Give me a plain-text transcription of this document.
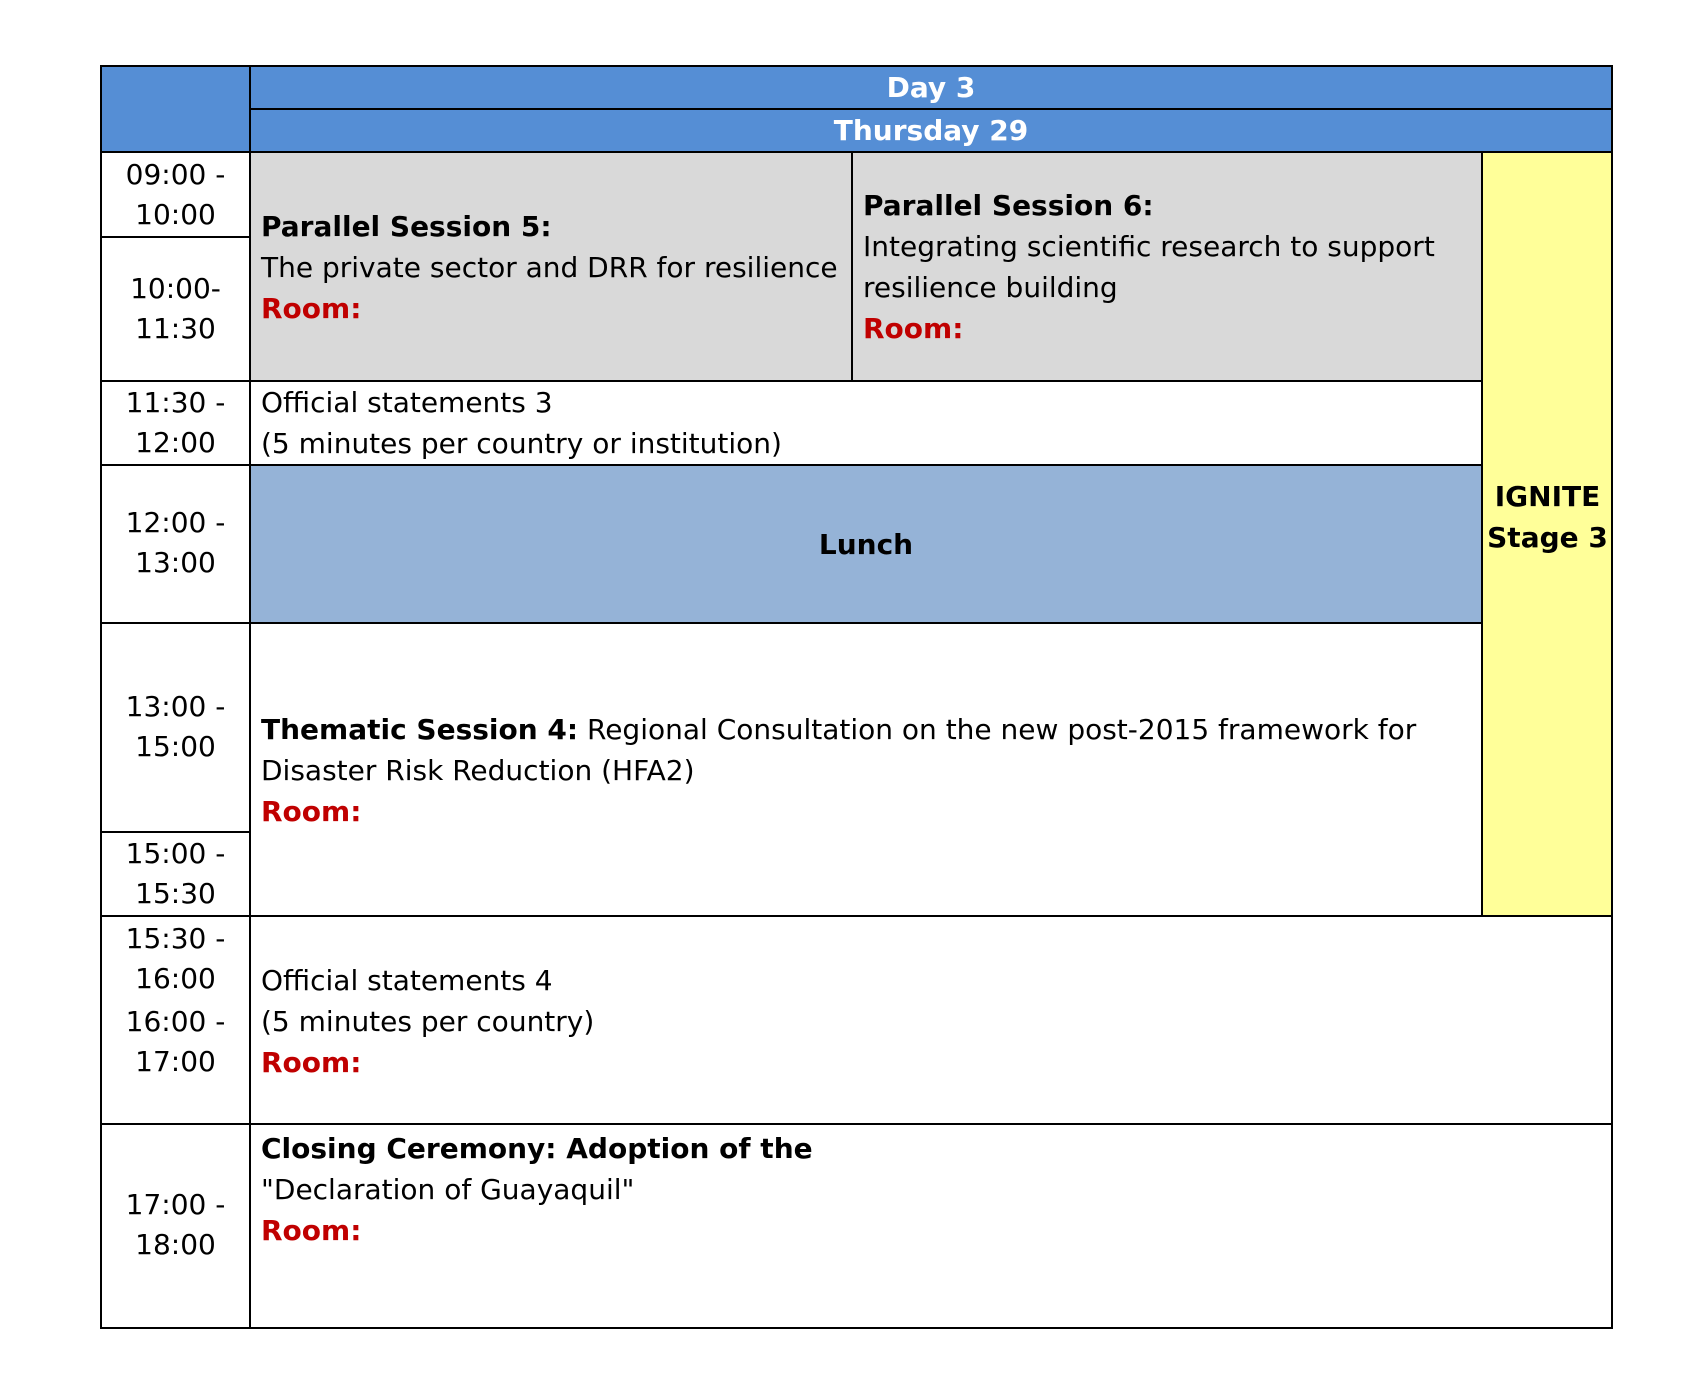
Day 3
Thursday 29
09:00 -
10:00
10:00-
11:30
11:30 -
12:00
12:00 -
13:00
13:00 -
15:00
15:00 -
15:30
15:30 -
16:00
16:00 -
17:00
17:00 -
18:00
Parallel Session 5:
The private sector and DRR for resilience
Room:
Parallel Session 6:
Integrating scientific research to support
resilience building
Room:
Official statements 3
(5 minutes per country or institution)
Lunch
IGNITE
Stage 3
Thematic Session 4: Regional Consultation on the new post-2015 framework for
Disaster Risk Reduction (HFA2)
Room:
Official statements 4
(5 minutes per country)
Room:
Closing Ceremony: Adoption of the
"Declaration of Guayaquil"
Room:
